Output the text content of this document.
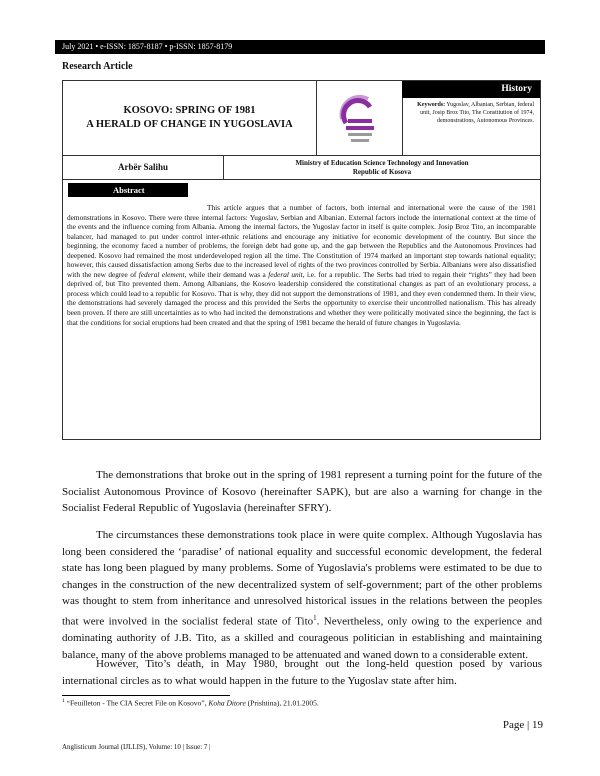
July 2021 • e-ISSN: 1857-8187 • p-ISSN: 1857-8179
Research Article
KOSOVO: SPRING OF 1981
A HERALD OF CHANGE IN YUGOSLAVIA
History
Keywords: Yugoslav, Albanian, Serbian, federal unit, Josip Broz Tito, The Constitution of 1974, demonstrations, Autonomous Provinces.
Arbër Salihu	Ministry of Education Science Technology and Innovation
Republic of Kosova
Abstract

This article argues that a number of factors, both internal and international were the cause of the 1981 demonstrations in Kosovo. There were three internal factors: Yugoslav, Serbian and Albanian. External factors include the international context at the time of the events and the influence coming from Albania. Among the internal factors, the Yugoslav factor in itself is quite complex. Josip Broz Tito, an incomparable balancer, had managed to put under control inter-ethnic relations and encourage any initiative for economic development of the country. But since the beginning, the economy faced a number of problems, the foreign debt had gone up, and the gap between the Republics and the Autonomous Provinces had deepened. Kosovo had remained the most underdeveloped region all the time. The Constitution of 1974 marked an important step towards national equality; however, this caused dissatisfaction among Serbs due to the increased level of rights of the two provinces controlled by Serbia. Albanians were also dissatisfied with the new degree of federal element, while their demand was a federal unit, i.e. for a republic. The Serbs had tried to regain their “rights” they had been deprived of, but Tito prevented them. Among Albanians, the Kosovo leadership considered the constitutional changes as part of an evolutionary process, a process which could lead to a republic for Kosovo. That is why, they did not support the demonstrations of 1981, and they even condemned them. In their view, the demonstrations had severely damaged the process and this provided the Serbs the opportunity to exercise their uncontrolled nationalism. This has already been proven. If there are still uncertainties as to who had incited the demonstrations and whether they were politically motivated since the beginning, the fact is that the conditions for social eruptions had been created and that the spring of 1981 became the herald of future changes in Yugoslavia.

The demonstrations that broke out in the spring of 1981 represent a turning point for the future of the Socialist Autonomous Province of Kosovo (hereinafter SAPK), but are also a warning for change in the Socialist Federal Republic of Yugoslavia (hereinafter SFRY).

The circumstances these demonstrations took place in were quite complex. Although Yugoslavia has long been considered the ‘paradise’ of national equality and successful economic development, the federal state has long been plagued by many problems. Some of Yugoslavia's problems were estimated to be due to changes in the construction of the new decentralized system of self-government; part of the other problems was thought to stem from inheritance and unresolved historical issues in the relations between the peoples that were involved in the socialist federal state of Tito$^1$. Nevertheless, only owing to the experience and dominating authority of J.B. Tito, as a skilled and courageous politician in establishing and maintaining balance, many of the above problems managed to be attenuated and waned down to a considerable extent.

However, Tito’s death, in May 1980, brought out the long-held question posed by various international circles as to what would happen in the future to the Yugoslav state after him.

$^1$ “Feuilleton - The CIA Secret File on Kosovo”, Koha Ditore (Prishtina), 21.01.2005.
Page | 19
Anglisticum Journal (IJLLIS), Volume: 10 | Issue: 7 |
